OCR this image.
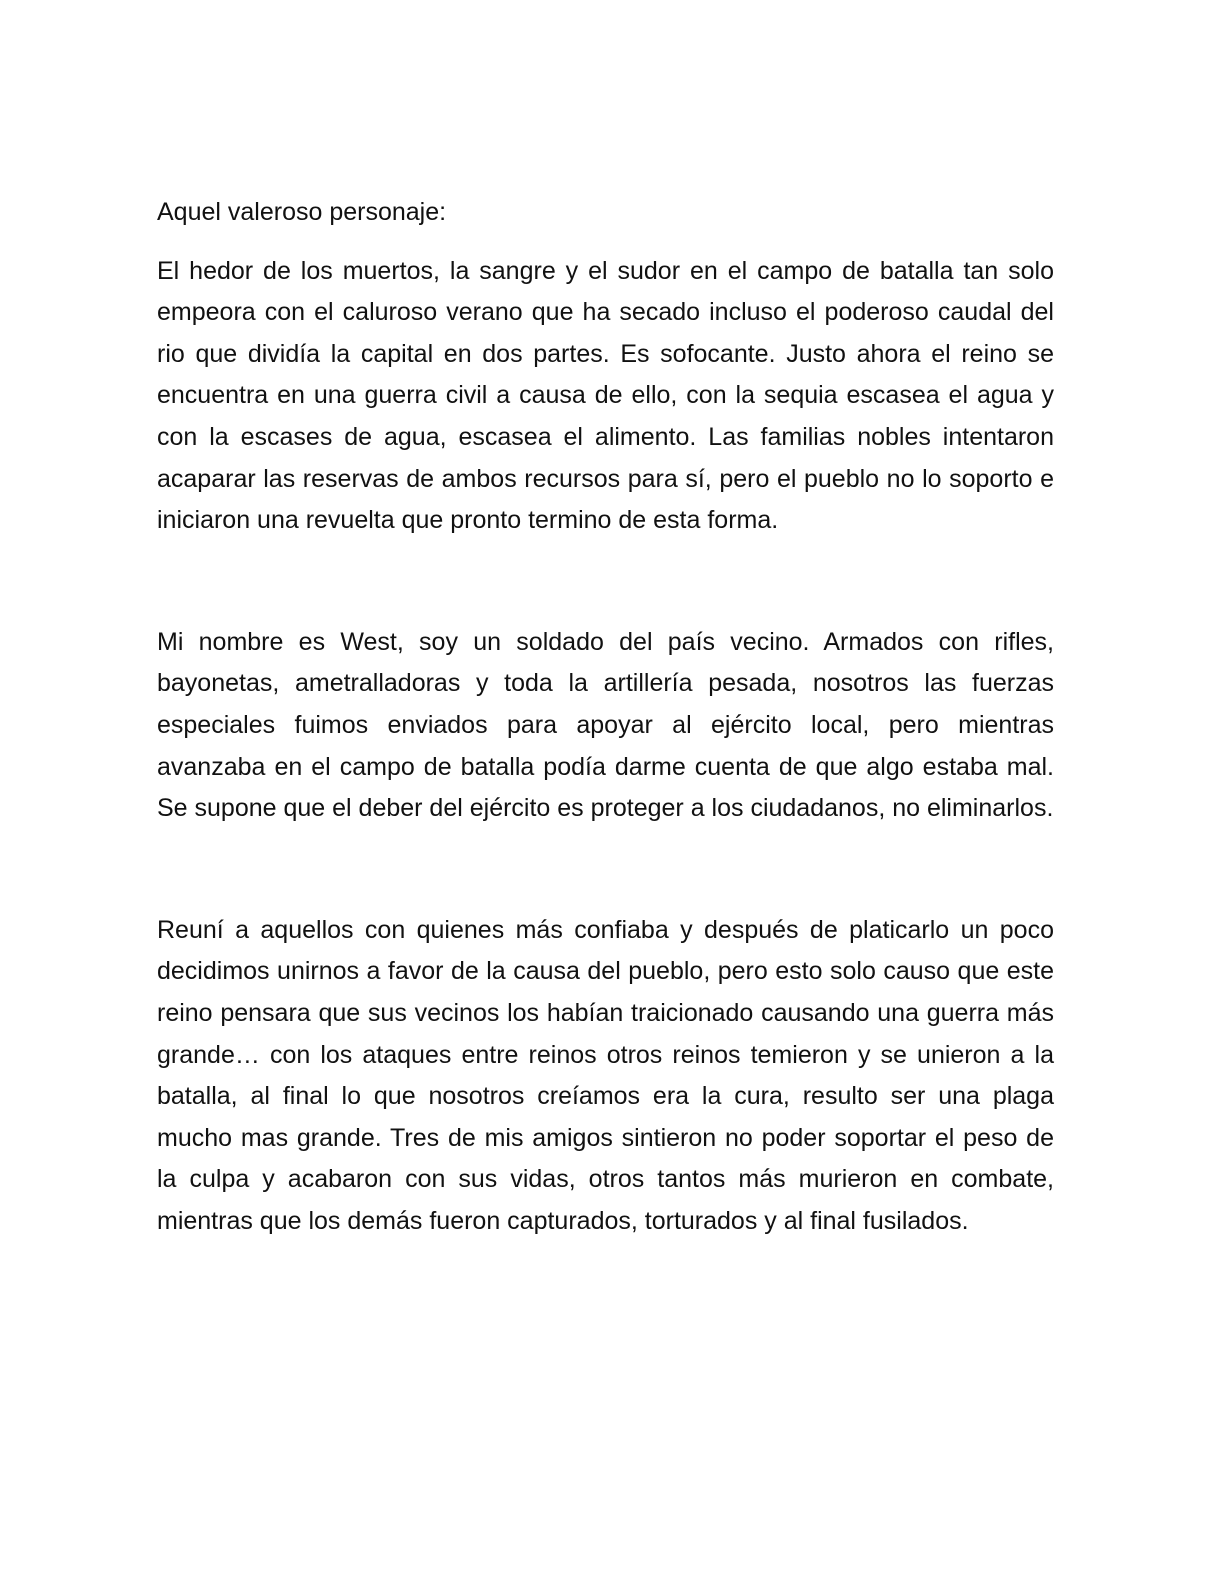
Aquel valeroso personaje:

El hedor de los muertos, la sangre y el sudor en el campo de batalla tan solo empeora con el caluroso verano que ha secado incluso el poderoso caudal del rio que dividía la capital en dos partes. Es sofocante. Justo ahora el reino se encuentra en una guerra civil a causa de ello, con la sequia escasea el agua y con la escases de agua, escasea el alimento. Las familias nobles intentaron acaparar las reservas de ambos recursos para sí, pero el pueblo no lo soporto e iniciaron una revuelta que pronto termino de esta forma.

Mi nombre es West, soy un soldado del país vecino. Armados con rifles, bayonetas, ametralladoras y toda la artillería pesada, nosotros las fuerzas especiales fuimos enviados para apoyar al ejército local, pero mientras avanzaba en el campo de batalla podía darme cuenta de que algo estaba mal. Se supone que el deber del ejército es proteger a los ciudadanos, no eliminarlos.

Reuní a aquellos con quienes más confiaba y después de platicarlo un poco decidimos unirnos a favor de la causa del pueblo, pero esto solo causo que este reino pensara que sus vecinos los habían traicionado causando una guerra más grande… con los ataques entre reinos otros reinos temieron y se unieron a la batalla, al final lo que nosotros creíamos era la cura, resulto ser una plaga mucho mas grande. Tres de mis amigos sintieron no poder soportar el peso de la culpa y acabaron con sus vidas, otros tantos más murieron en combate, mientras que los demás fueron capturados, torturados y al final fusilados.
